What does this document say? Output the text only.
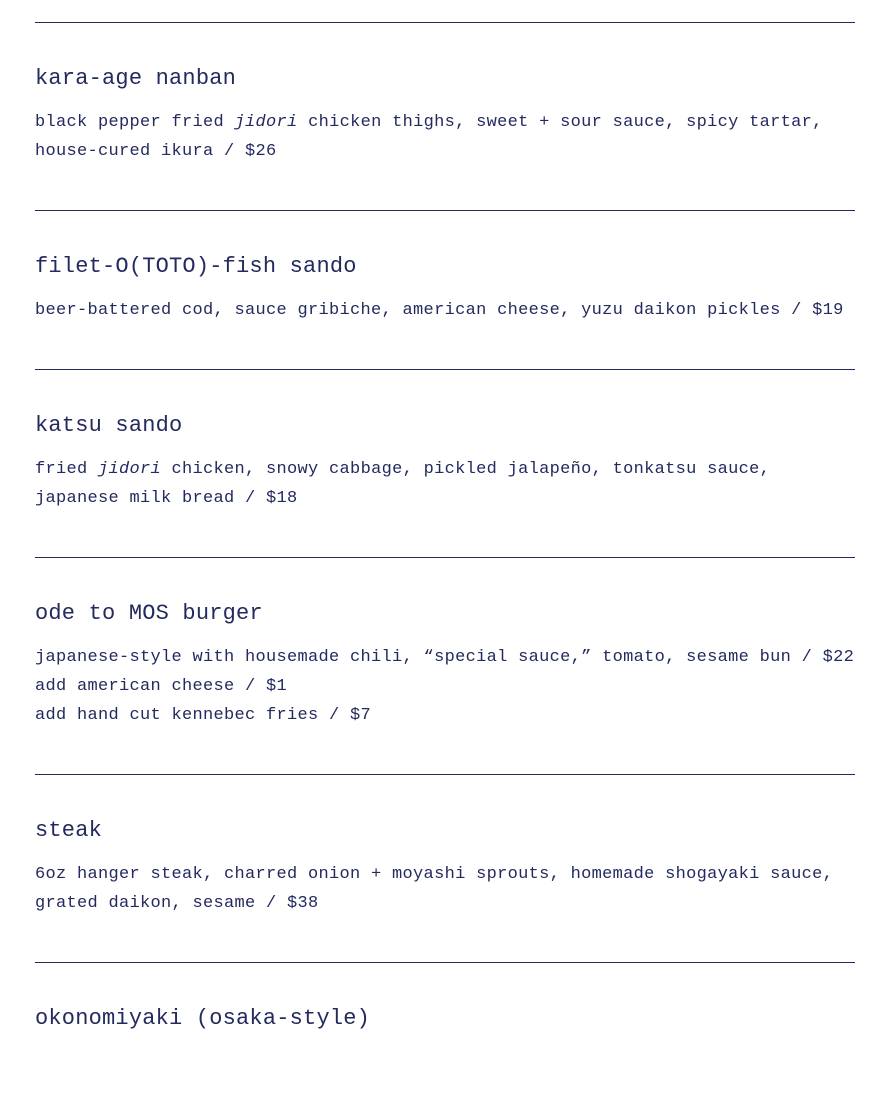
kara-age nanban

black pepper fried jidori chicken thighs, sweet + sour sauce, spicy tartar, house-cured ikura / $26

filet-O(TOTO)-fish sando

beer-battered cod, sauce gribiche, american cheese, yuzu daikon pickles / $19

katsu sando

fried jidori chicken, snowy cabbage, pickled jalapeño, tonkatsu sauce, japanese milk bread / $18

ode to MOS burger

japanese-style with housemade chili, “special sauce,” tomato, sesame bun / $22
add american cheese / $1
add hand cut kennebec fries / $7

steak

6oz hanger steak, charred onion + moyashi sprouts, homemade shogayaki sauce, grated daikon, sesame / $38

okonomiyaki (osaka-style)
